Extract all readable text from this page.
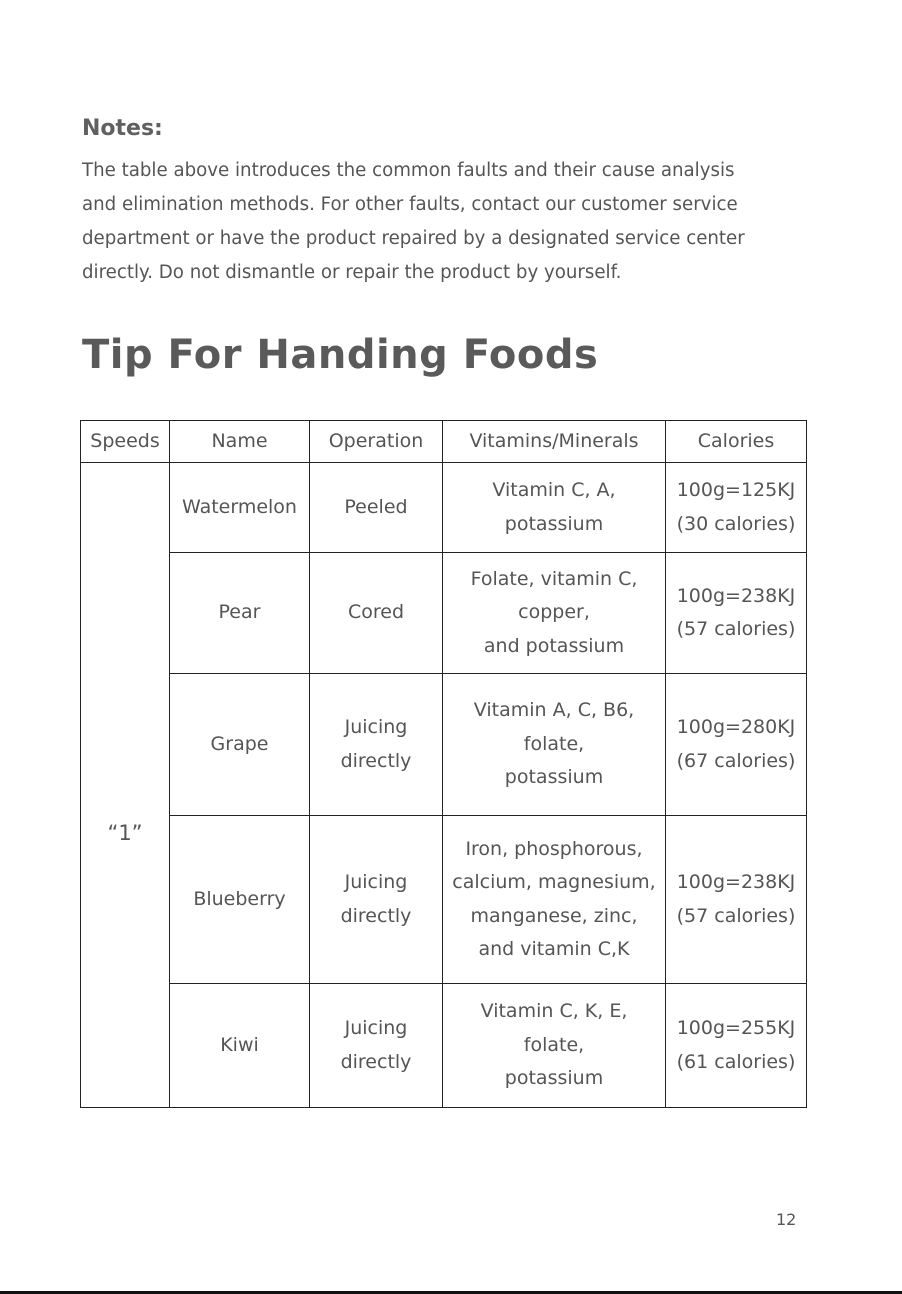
Notes:

The table above introduces the common faults and their cause analysis
and elimination methods. For other faults, contact our customer service
department or have the product repaired by a designated service center
directly. Do not dismantle or repair the product by yourself.

Tip For Handing Foods
Speeds	Name	Operation	Vitamins/Minerals	Calories

“1”	Watermelon	Peeled	Vitamin C, A,
potassium	100g=125KJ
(30 calories)

	Pear	Cored	Folate, vitamin C,
copper,
and potassium	100g=238KJ
(57 calories)

	Grape	Juicing
directly	Vitamin A, C, B6,
folate,
potassium	100g=280KJ
(67 calories)

	Blueberry	Juicing
directly	Iron, phosphorous,
calcium, magnesium,
manganese, zinc,
and vitamin C,K	100g=238KJ
(57 calories)

	Kiwi	Juicing
directly	Vitamin C, K, E,
folate,
potassium	100g=255KJ
(61 calories)
12
